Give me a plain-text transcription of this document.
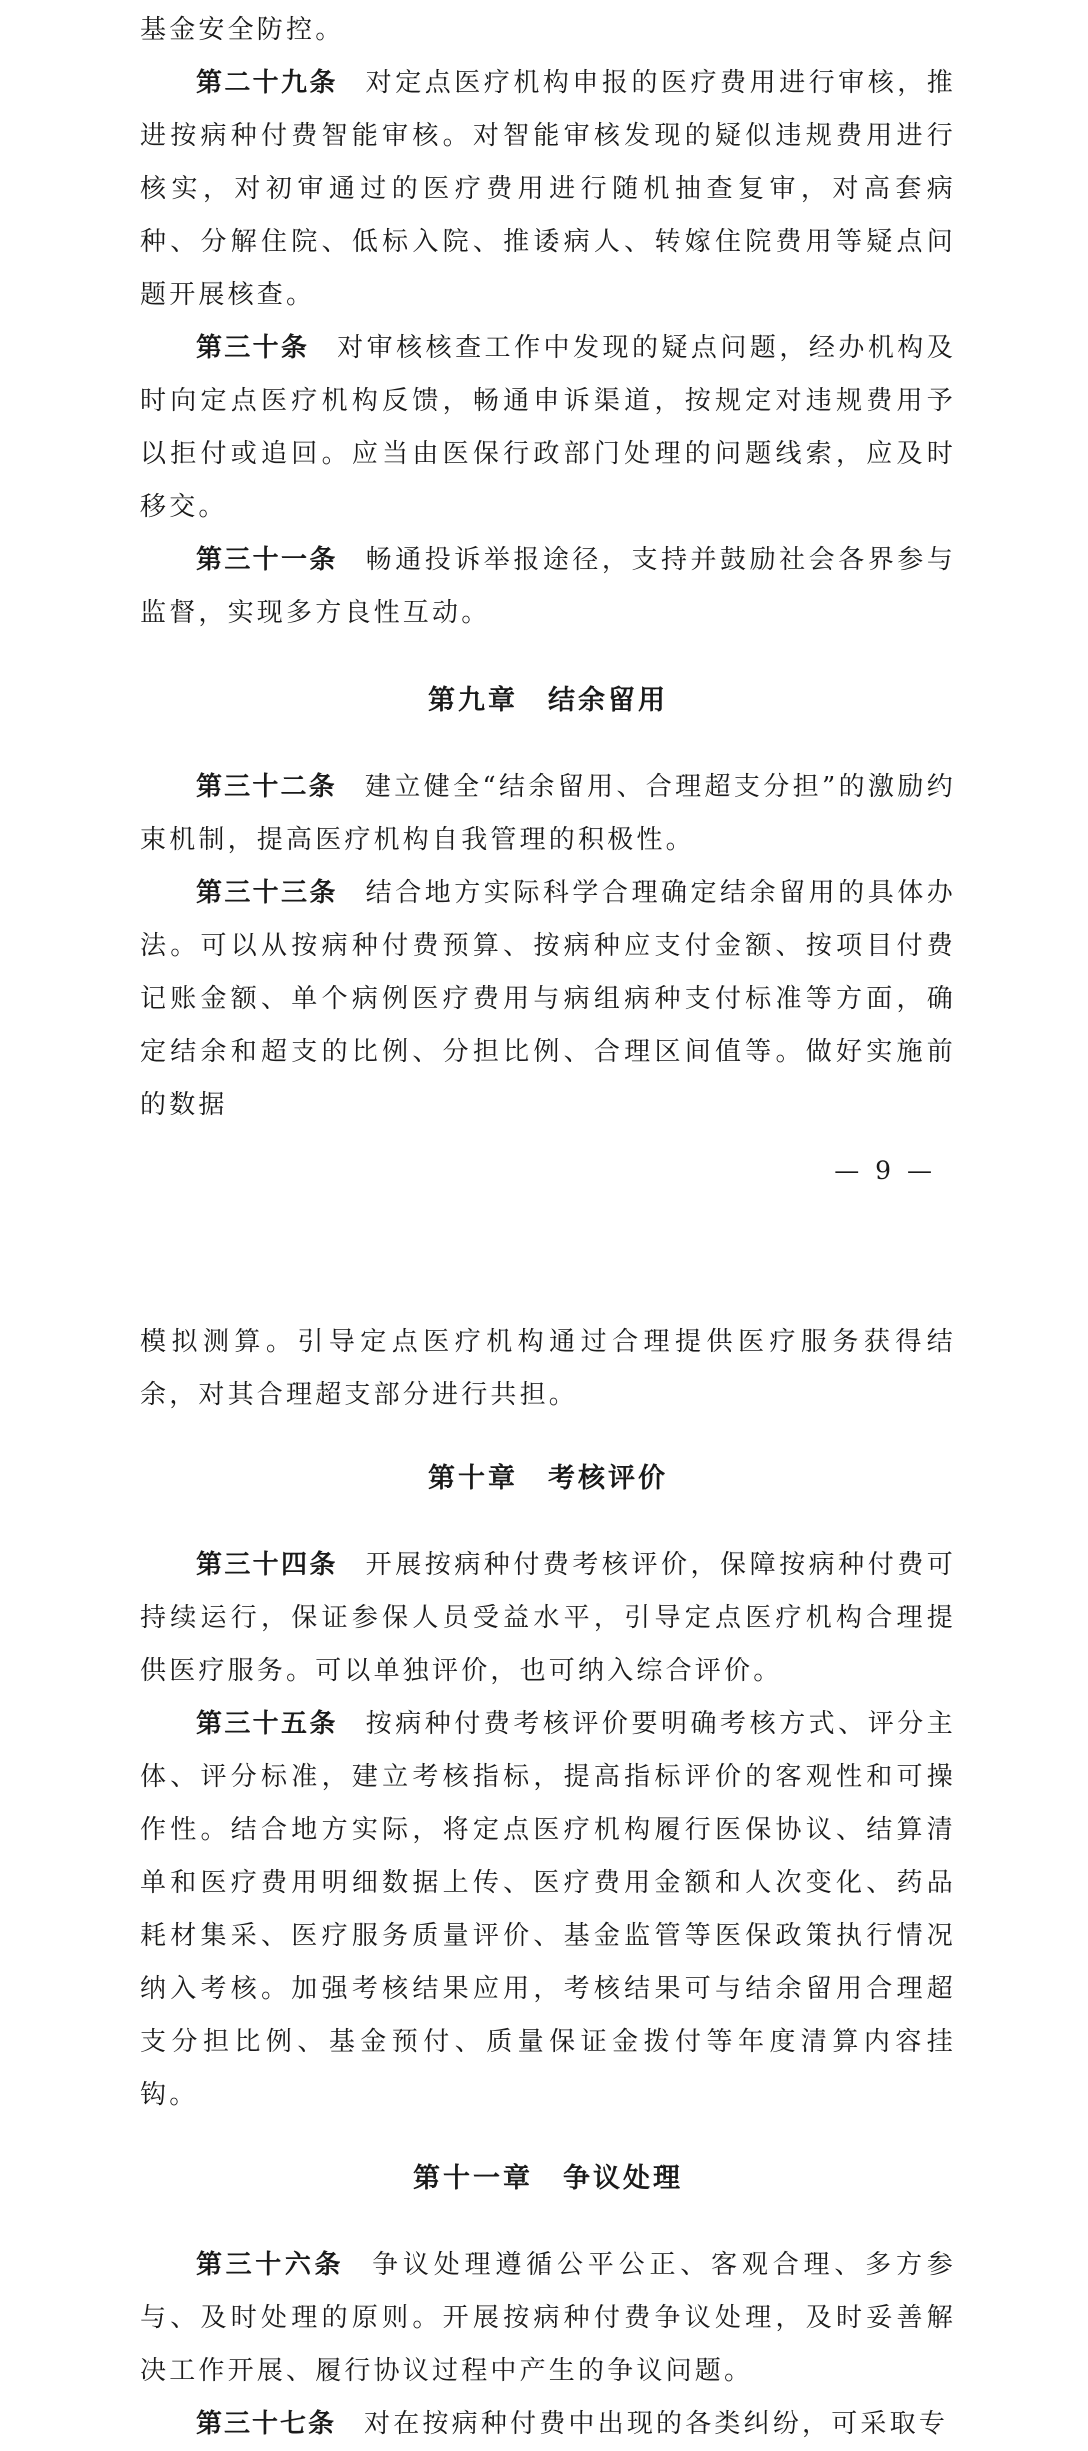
基金安全防控。

第二十九条 对定点医疗机构申报的医疗费用进行审核，推进按病种付费智能审核。对智能审核发现的疑似违规费用进行核实，对初审通过的医疗费用进行随机抽查复审，对高套病种、分解住院、低标入院、推诿病人、转嫁住院费用等疑点问题开展核查。

第三十条 对审核核查工作中发现的疑点问题，经办机构及时向定点医疗机构反馈，畅通申诉渠道，按规定对违规费用予以拒付或追回。应当由医保行政部门处理的问题线索，应及时移交。

第三十一条 畅通投诉举报途径，支持并鼓励社会各界参与监督，实现多方良性互动。

第九章 结余留用

第三十二条 建立健全“结余留用、合理超支分担”的激励约束机制，提高医疗机构自我管理的积极性。

第三十三条 结合地方实际科学合理确定结余留用的具体办法。可以从按病种付费预算、按病种应支付金额、按项目付费记账金额、单个病例医疗费用与病组病种支付标准等方面，确定结余和超支的比例、分担比例、合理区间值等。做好实施前的数据

— 9 —

模拟测算。引导定点医疗机构通过合理提供医疗服务获得结余，对其合理超支部分进行共担。

第十章 考核评价

第三十四条 开展按病种付费考核评价，保障按病种付费可持续运行，保证参保人员受益水平，引导定点医疗机构合理提供医疗服务。可以单独评价，也可纳入综合评价。

第三十五条 按病种付费考核评价要明确考核方式、评分主体、评分标准，建立考核指标，提高指标评价的客观性和可操作性。结合地方实际，将定点医疗机构履行医保协议、结算清单和医疗费用明细数据上传、医疗费用金额和人次变化、药品耗材集采、医疗服务质量评价、基金监管等医保政策执行情况纳入考核。加强考核结果应用，考核结果可与结余留用合理超支分担比例、基金预付、质量保证金拨付等年度清算内容挂钩。

第十一章 争议处理

第三十六条 争议处理遵循公平公正、客观合理、多方参与、及时处理的原则。开展按病种付费争议处理，及时妥善解决工作开展、履行协议过程中产生的争议问题。

第三十七条 对在按病种付费中出现的各类纠纷，可采取专
